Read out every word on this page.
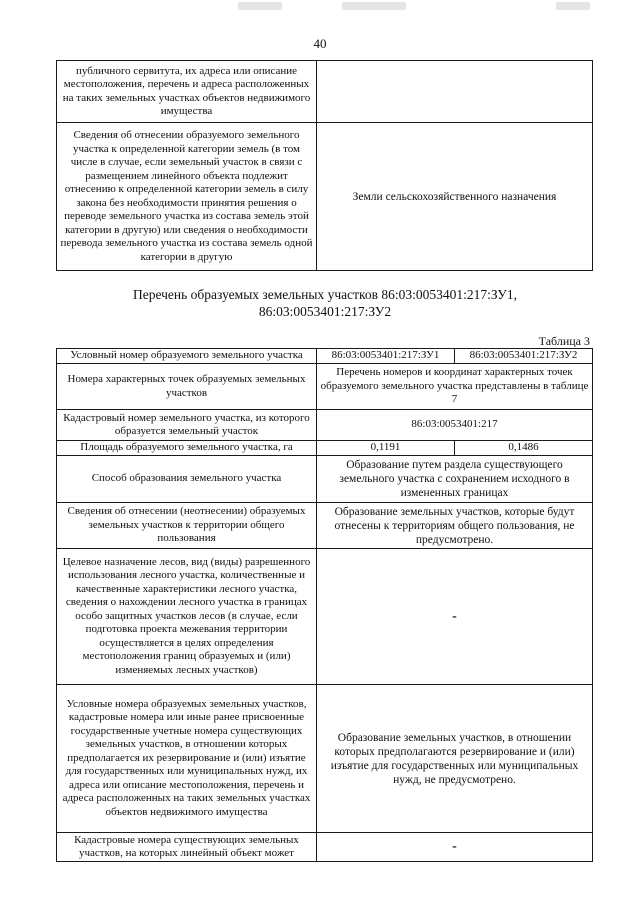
40
публичного сервитута, их адреса или описание местоположения, перечень и адреса расположенных на таких земельных участках объектов недвижимого имущества	
Сведения об отнесении образуемого земельного участка к определенной категории земель (в том числе в случае, если земельный участок в связи с размещением линейного объекта подлежит отнесению к определенной категории земель в силу закона без необходимости принятия решения о переводе земельного участка из состава земель этой категории в другую) или сведения о необходимости перевода земельного участка из состава земель одной категории в другую	Земли сельскохозяйственного назначения
Перечень образуемых земельных участков 86:03:0053401:217:ЗУ1,
86:03:0053401:217:ЗУ2
Таблица 3
Условный номер образуемого земельного участка	86:03:0053401:217:ЗУ1	86:03:0053401:217:ЗУ2
Номера характерных точек образуемых земельных участков	Перечень номеров и координат характерных точек образуемого земельного участка представлены в таблице 7	
Кадастровый номер земельного участка, из которого образуется земельный участок	86:03:0053401:217	
Площадь образуемого земельного участка, га	0,1191	0,1486
Способ образования земельного участка	Образование путем раздела существующего земельного участка с сохранением исходного в измененных границах	
Сведения об отнесении (неотнесении) образуемых земельных участков к территории общего пользования	Образование земельных участков, которые будут отнесены к территориям общего пользования, не предусмотрено.	
Целевое назначение лесов, вид (виды) разрешенного использования лесного участка, количественные и качественные характеристики лесного участка, сведения о нахождении лесного участка в границах особо защитных участков лесов (в случае, если подготовка проекта межевания территории осуществляется в целях определения местоположения границ образуемых и (или) изменяемых лесных участков)	-	
Условные номера образуемых земельных участков, кадастровые номера или иные ранее присвоенные государственные учетные номера существующих земельных участков, в отношении которых предполагается их резервирование и (или) изъятие для государственных или муниципальных нужд, их адреса или описание местоположения, перечень и адреса расположенных на таких земельных участках объектов недвижимого имущества	Образование земельных участков, в отношении которых предполагаются резервирование и (или) изъятие для государственных или муниципальных нужд, не предусмотрено.	
Кадастровые номера существующих земельных участков, на которых линейный объект может	-	
